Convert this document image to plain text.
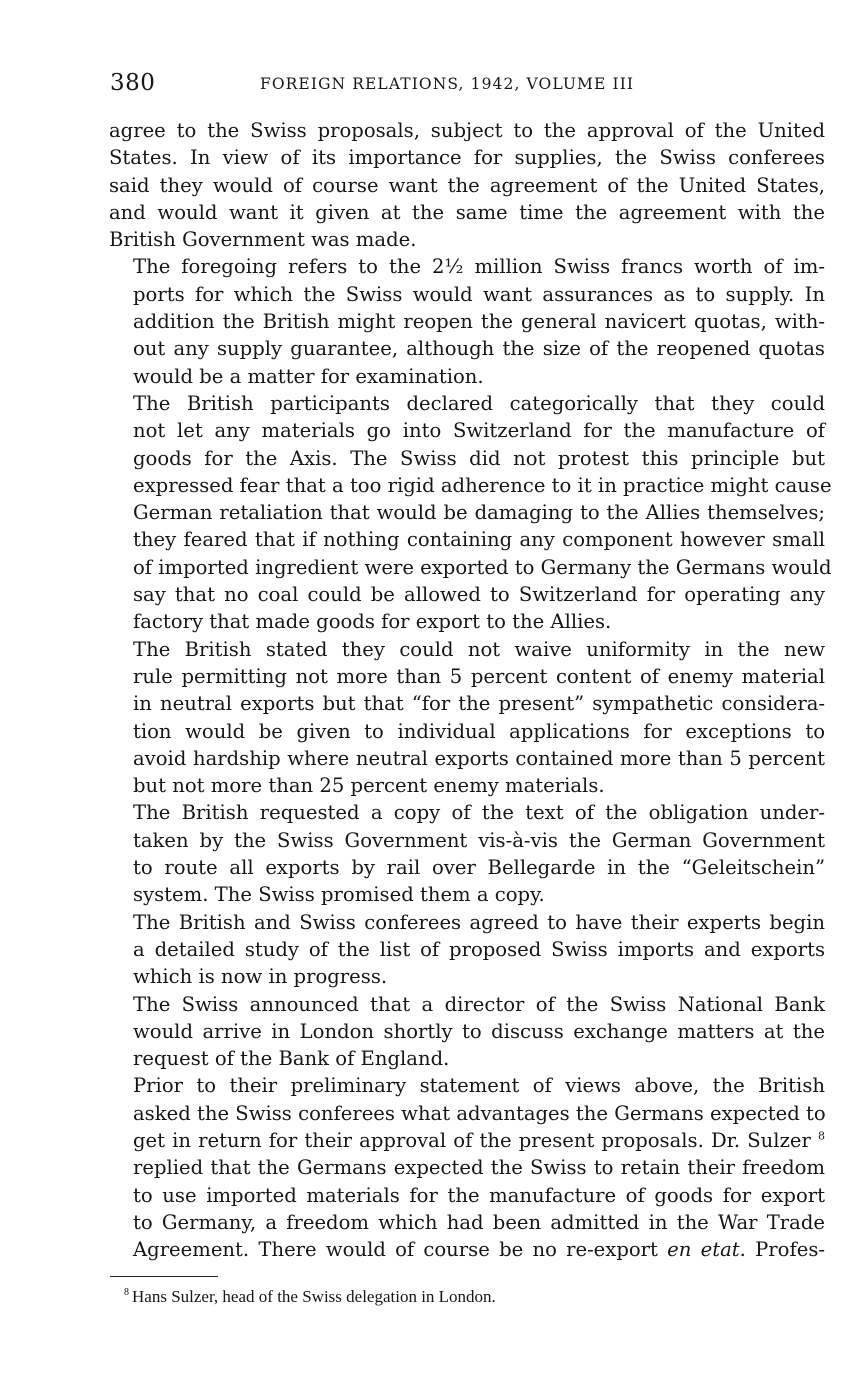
380	FOREIGN RELATIONS, 1942, VOLUME III

agree to the Swiss proposals, subject to the approval of the United
States. In view of its importance for supplies, the Swiss conferees
said they would of course want the agreement of the United States,
and would want it given at the same time the agreement with the
British Government was made.

The foregoing refers to the 2½ million Swiss francs worth of im-
ports for which the Swiss would want assurances as to supply. In
addition the British might reopen the general navicert quotas, with-
out any supply guarantee, although the size of the reopened quotas
would be a matter for examination.

The British participants declared categorically that they could
not let any materials go into Switzerland for the manufacture of
goods for the Axis. The Swiss did not protest this principle but
expressed fear that a too rigid adherence to it in practice might cause
German retaliation that would be damaging to the Allies themselves;
they feared that if nothing containing any component however small
of imported ingredient were exported to Germany the Germans would
say that no coal could be allowed to Switzerland for operating any
factory that made goods for export to the Allies.

The British stated they could not waive uniformity in the new
rule permitting not more than 5 percent content of enemy material
in neutral exports but that “for the present” sympathetic considera-
tion would be given to individual applications for exceptions to
avoid hardship where neutral exports contained more than 5 percent
but not more than 25 percent enemy materials.

The British requested a copy of the text of the obligation under-
taken by the Swiss Government vis-à-vis the German Government
to route all exports by rail over Bellegarde in the “Geleitschein”
system. The Swiss promised them a copy.

The British and Swiss conferees agreed to have their experts begin
a detailed study of the list of proposed Swiss imports and exports
which is now in progress.

The Swiss announced that a director of the Swiss National Bank
would arrive in London shortly to discuss exchange matters at the
request of the Bank of England.

Prior to their preliminary statement of views above, the British
asked the Swiss conferees what advantages the Germans expected to
get in return for their approval of the present proposals. Dr. Sulzer $^8$
replied that the Germans expected the Swiss to retain their freedom
to use imported materials for the manufacture of goods for export
to Germany, a freedom which had been admitted in the War Trade
Agreement. There would of course be no re-export en etat. Profes-

$^8$ Hans Sulzer, head of the Swiss delegation in London.
